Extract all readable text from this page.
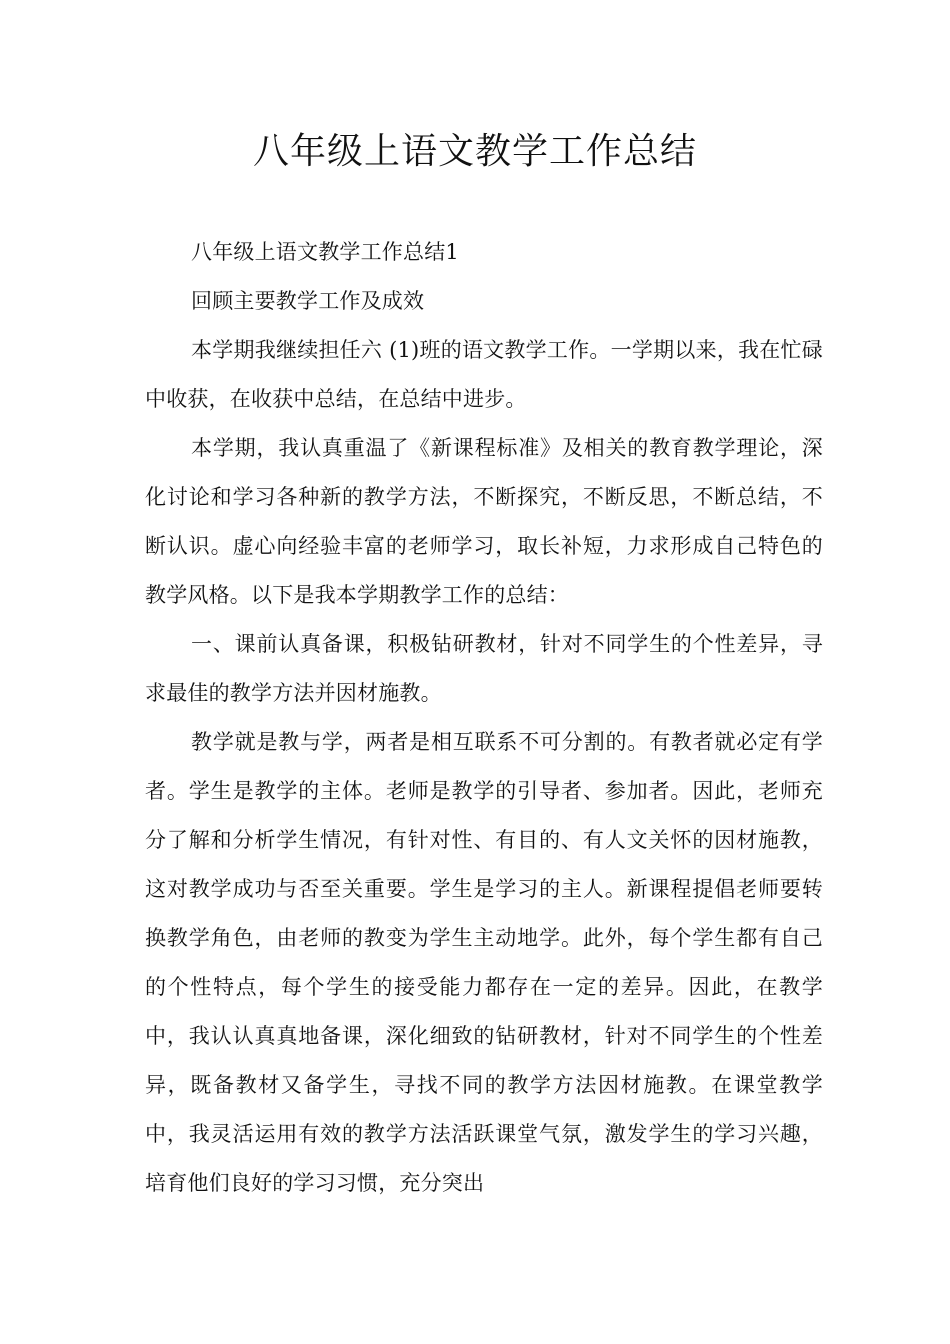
八年级上语文教学工作总结

八年级上语文教学工作总结1

回顾主要教学工作及成效

本学期我继续担任六 (1)班的语文教学工作。一学期以来，我在忙碌中收获，在收获中总结，在总结中进步。

本学期，我认真重温了《新课程标准》及相关的教育教学理论，深化讨论和学习各种新的教学方法，不断探究，不断反思，不断总结，不断认识。虚心向经验丰富的老师学习，取长补短，力求形成自己特色的教学风格。以下是我本学期教学工作的总结：

一、课前认真备课，积极钻研教材，针对不同学生的个性差异，寻求最佳的教学方法并因材施教。

教学就是教与学，两者是相互联系不可分割的。有教者就必定有学者。学生是教学的主体。老师是教学的引导者、参加者。因此，老师充分了解和分析学生情况，有针对性、有目的、有人文关怀的因材施教，这对教学成功与否至关重要。学生是学习的主人。新课程提倡老师要转换教学角色，由老师的教变为学生主动地学。此外，每个学生都有自己的个性特点，每个学生的接受能力都存在一定的差异。因此，在教学中，我认认真真地备课，深化细致的钻研教材，针对不同学生的个性差异，既备教材又备学生，寻找不同的教学方法因材施教。在课堂教学中，我灵活运用有效的教学方法活跃课堂气氛，激发学生的学习兴趣，培育他们良好的学习习惯，充分突出
